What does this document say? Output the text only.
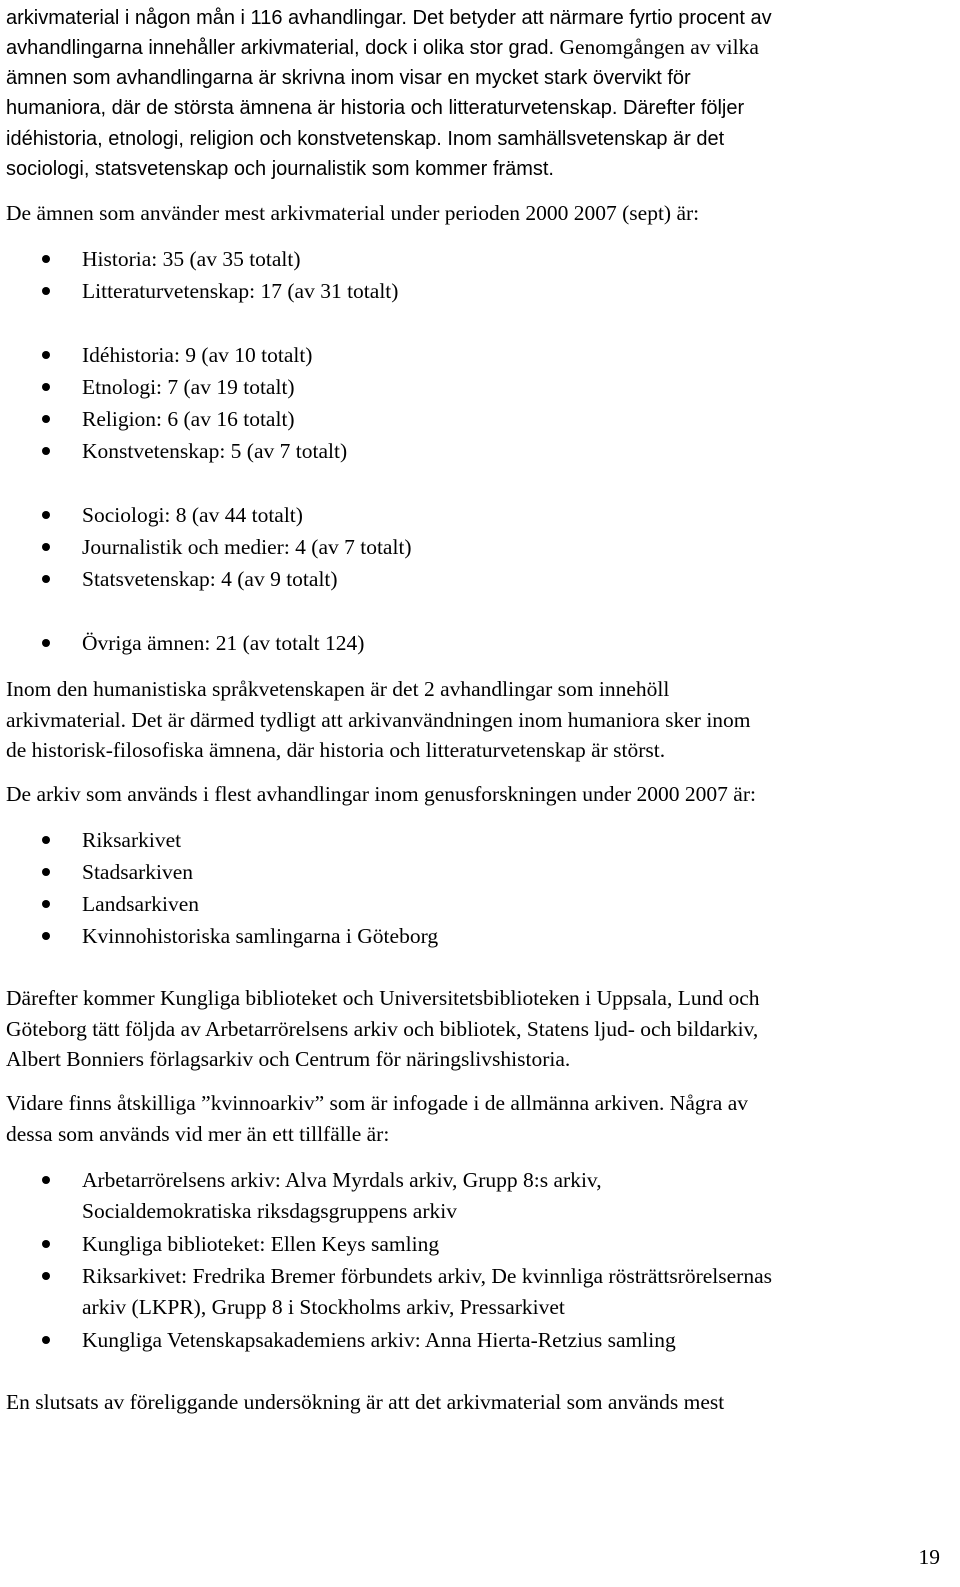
arkivmaterial i någon mån i 116 avhandlingar. Det betyder att närmare fyrtio procent av
avhandlingarna innehåller arkivmaterial, dock i olika stor grad. Genomgången av vilka
ämnen som avhandlingarna är skrivna inom visar en mycket stark övervikt för
humaniora, där de största ämnena är historia och litteraturvetenskap. Därefter följer
idéhistoria, etnologi, religion och konstvetenskap. Inom samhällsvetenskap är det
sociologi, statsvetenskap och journalistik som kommer främst.
De ämnen som använder mest arkivmaterial under perioden 2000 2007 (sept) är:
Historia: 35 (av 35 totalt)
Litteraturvetenskap: 17 (av 31 totalt)
Idéhistoria: 9 (av 10 totalt)
Etnologi: 7 (av 19 totalt)
Religion: 6 (av 16 totalt)
Konstvetenskap: 5 (av 7 totalt)
Sociologi: 8 (av 44 totalt)
Journalistik och medier: 4 (av 7 totalt)
Statsvetenskap: 4 (av 9 totalt)
Övriga ämnen: 21 (av totalt 124)
Inom den humanistiska språkvetenskapen är det 2 avhandlingar som innehöll
arkivmaterial. Det är därmed tydligt att arkivanvändningen inom humaniora sker inom
de historisk-filosofiska ämnena, där historia och litteraturvetenskap är störst.
De arkiv som används i flest avhandlingar inom genusforskningen under 2000 2007 är:
Riksarkivet
Stadsarkiven
Landsarkiven
Kvinnohistoriska samlingarna i Göteborg
Därefter kommer Kungliga biblioteket och Universitetsbiblioteken i Uppsala, Lund och
Göteborg tätt följda av Arbetarrörelsens arkiv och bibliotek, Statens ljud- och bildarkiv,
Albert Bonniers förlagsarkiv och Centrum för näringslivshistoria.
Vidare finns åtskilliga ”kvinnoarkiv” som är infogade i de allmänna arkiven. Några av
dessa som används vid mer än ett tillfälle är:
Arbetarrörelsens arkiv: Alva Myrdals arkiv, Grupp 8:s arkiv,
Socialdemokratiska riksdagsgruppens arkiv
Kungliga biblioteket: Ellen Keys samling
Riksarkivet: Fredrika Bremer förbundets arkiv, De kvinnliga rösträttsrörelsernas
arkiv (LKPR), Grupp 8 i Stockholms arkiv, Pressarkivet
Kungliga Vetenskapsakademiens arkiv: Anna Hierta-Retzius samling
En slutsats av föreliggande undersökning är att det arkivmaterial som används mest
19
